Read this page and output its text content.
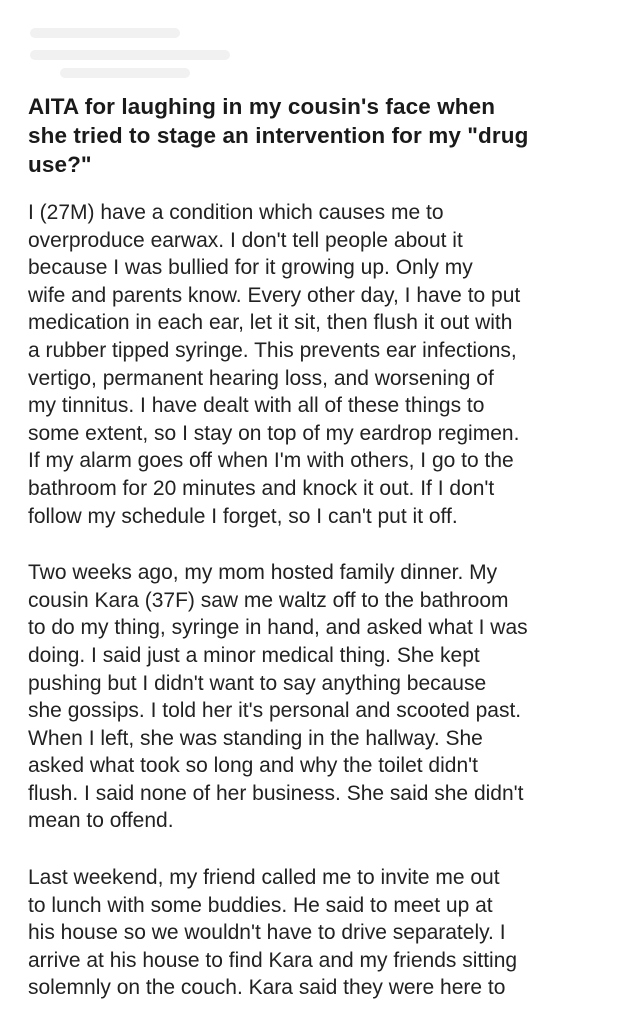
AITA for laughing in my cousin's face when
she tried to stage an intervention for my "drug
use?"

I (27M) have a condition which causes me to
overproduce earwax. I don't tell people about it
because I was bullied for it growing up. Only my
wife and parents know. Every other day, I have to put
medication in each ear, let it sit, then flush it out with
a rubber tipped syringe. This prevents ear infections,
vertigo, permanent hearing loss, and worsening of
my tinnitus. I have dealt with all of these things to
some extent, so I stay on top of my eardrop regimen.
If my alarm goes off when I'm with others, I go to the
bathroom for 20 minutes and knock it out. If I don't
follow my schedule I forget, so I can't put it off.

Two weeks ago, my mom hosted family dinner. My
cousin Kara (37F) saw me waltz off to the bathroom
to do my thing, syringe in hand, and asked what I was
doing. I said just a minor medical thing. She kept
pushing but I didn't want to say anything because
she gossips. I told her it's personal and scooted past.
When I left, she was standing in the hallway. She
asked what took so long and why the toilet didn't
flush. I said none of her business. She said she didn't
mean to offend.

Last weekend, my friend called me to invite me out
to lunch with some buddies. He said to meet up at
his house so we wouldn't have to drive separately. I
arrive at his house to find Kara and my friends sitting
solemnly on the couch. Kara said they were here to
